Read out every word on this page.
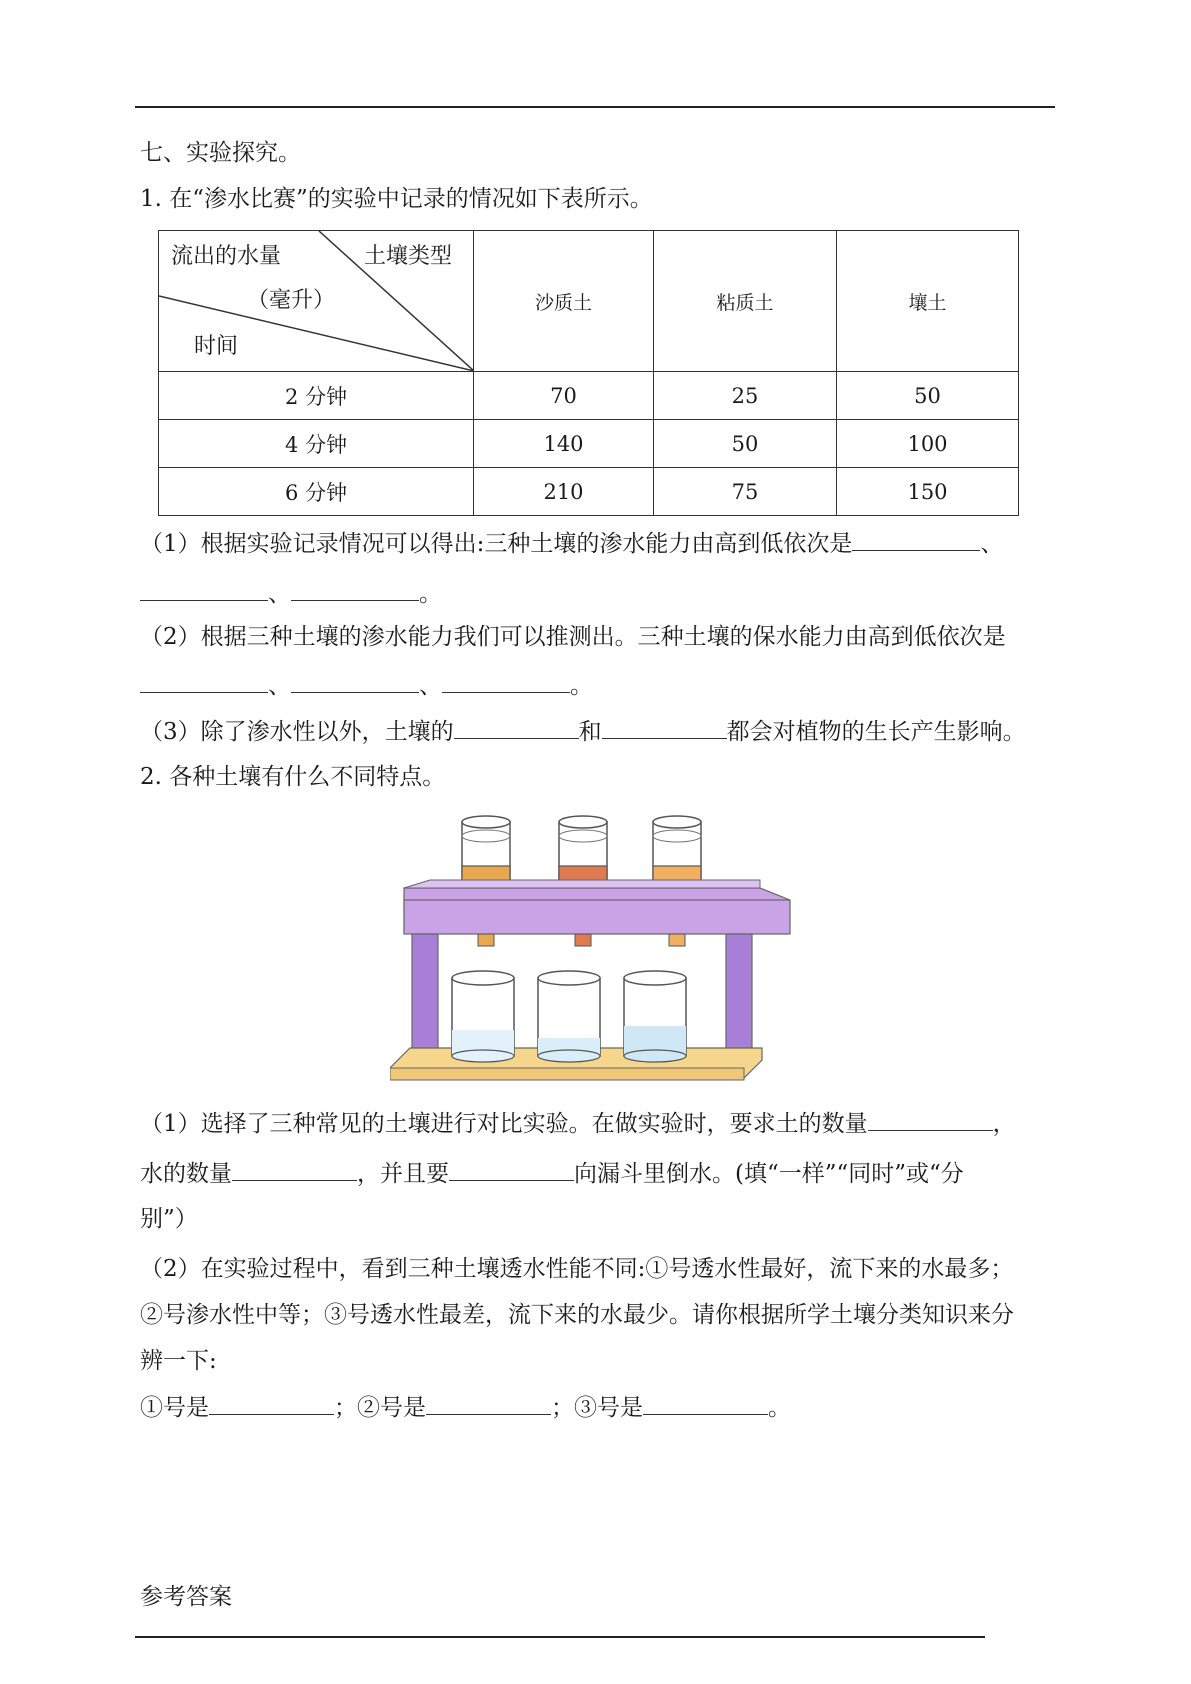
七、实验探究。
1. 在“渗水比赛”的实验中记录的情况如下表所示。
流出的水量 土壤类型
（毫升）
时间	沙质土	粘质土	壤土
2 分钟	70	25	50
4 分钟	140	50	100
6 分钟	210	75	150
（1）根据实验记录情况可以得出:三种土壤的渗水能力由高到低依次是	、
、	。
（2）根据三种土壤的渗水能力我们可以推测出。三种土壤的保水能力由高到低依次是
、	、	。
（3）除了渗水性以外，土壤的	和	都会对植物的生长产生影响。
2. 各种土壤有什么不同特点。
（1）选择了三种常见的土壤进行对比实验。在做实验时，要求土的数量	，
水的数量	，并且要	向漏斗里倒水。(填“一样”“同时”或“分
别”）
（2）在实验过程中，看到三种土壤透水性能不同:①号透水性最好，流下来的水最多；
②号渗水性中等；③号透水性最差，流下来的水最少。请你根据所学土壤分类知识来分
辨一下:
①号是	；②号是	；③号是	。
参考答案
